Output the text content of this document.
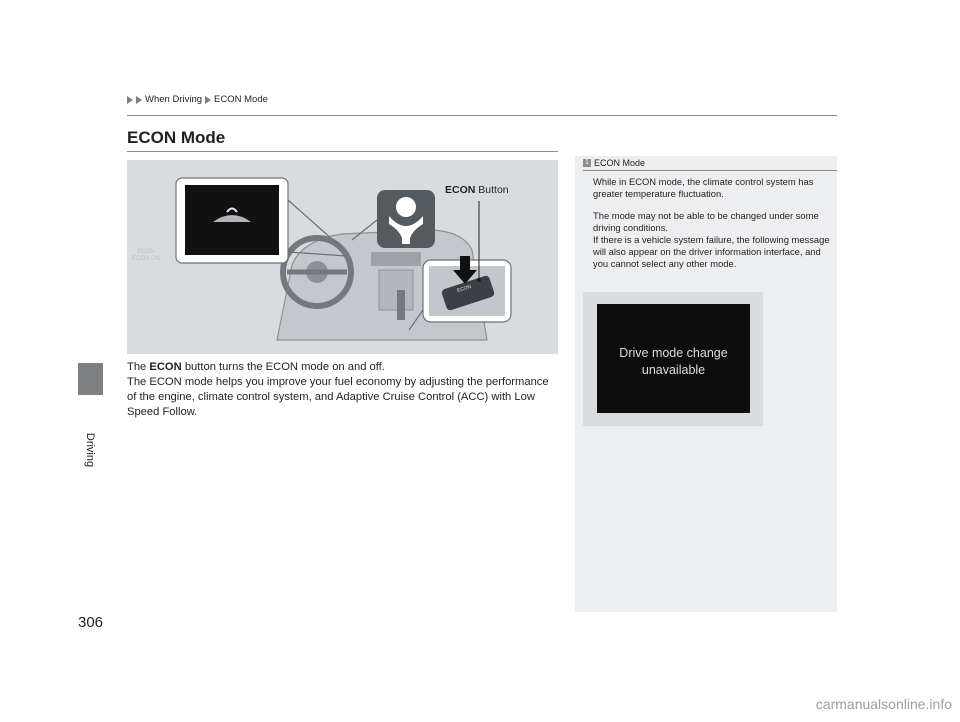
When Driving ECON Mode
ECON Mode
Driving
306
ECON
ECON ON
ECON
ECON Button

The ECON button turns the ECON mode on and off.

The ECON mode helps you improve your fuel economy by adjusting the performance of the engine, climate control system, and Adaptive Cruise Control (ACC) with Low Speed Follow.

1 ECON Mode

While in ECON mode, the climate control system has greater temperature fluctuation.

The mode may not be able to be changed under some driving conditions.

If there is a vehicle system failure, the following message will also appear on the driver information interface, and you cannot select any other mode.

Drive mode change
unavailable
carmanualsonline.info
